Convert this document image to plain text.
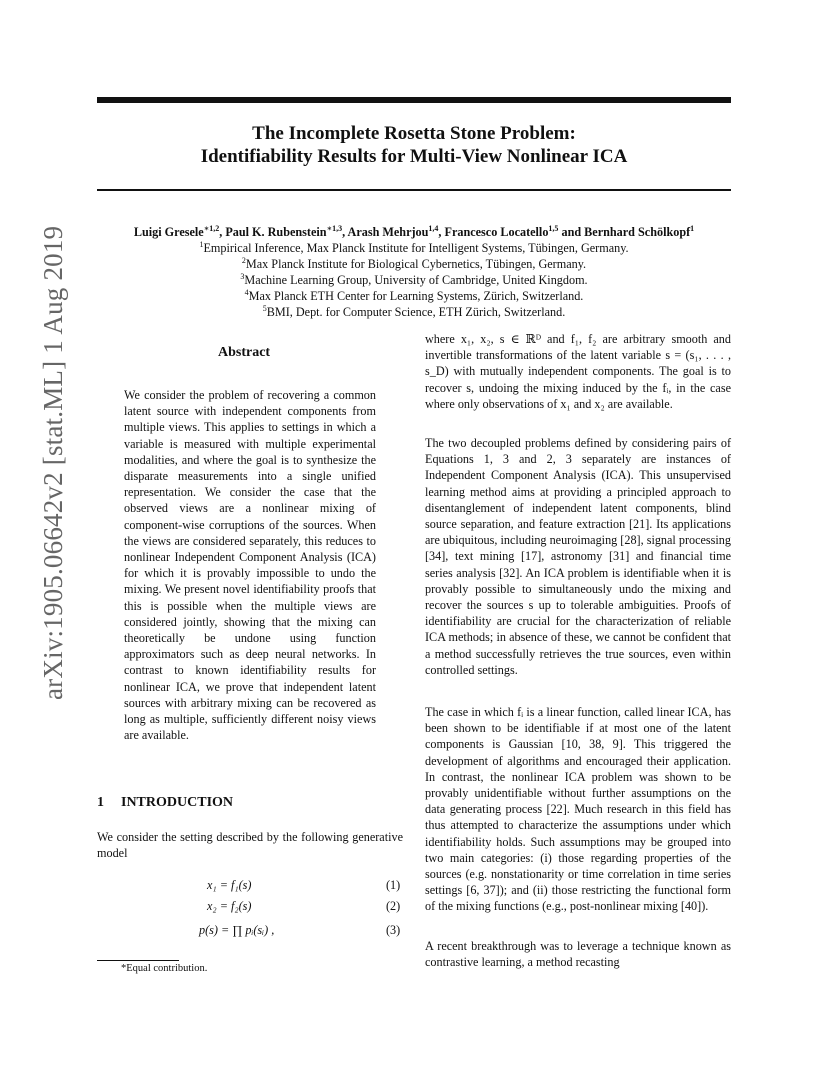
arXiv:1905.06642v2 [stat.ML] 1 Aug 2019
The Incomplete Rosetta Stone Problem:
Identifiability Results for Multi-View Nonlinear ICA
Luigi Gresele$^{∗1,2}$, Paul K. Rubenstein$^{∗1,3}$, Arash Mehrjou$^{1,4}$, Francesco Locatello$^{1,5}$ and Bernhard Schölkopf$^1$
$^1$Empirical Inference, Max Planck Institute for Intelligent Systems, Tübingen, Germany.
$^2$Max Planck Institute for Biological Cybernetics, Tübingen, Germany.
$^3$Machine Learning Group, University of Cambridge, United Kingdom.
$^4$Max Planck ETH Center for Learning Systems, Zürich, Switzerland.
$^5$BMI, Dept. for Computer Science, ETH Zürich, Switzerland.
Abstract
We consider the problem of recovering a common latent source with independent components from multiple views. This applies to settings in which a variable is measured with multiple experimental modalities, and where the goal is to synthesize the disparate measurements into a single unified representation. We consider the case that the observed views are a nonlinear mixing of component-wise corruptions of the sources. When the views are considered separately, this reduces to nonlinear Independent Component Analysis (ICA) for which it is provably impossible to undo the mixing. We present novel identifiability proofs that this is possible when the multiple views are considered jointly, showing that the mixing can theoretically be undone using function approximators such as deep neural networks. In contrast to known identifiability results for nonlinear ICA, we prove that independent latent sources with arbitrary mixing can be recovered as long as multiple, sufficiently different noisy views are available.
1 INTRODUCTION
We consider the setting described by the following generative model
x₁ = f₁(s)	(1)
x₂ = f₂(s)	(2)
p(s) = ∏ pᵢ(sᵢ) ,	(3)
*Equal contribution.
where x₁, x₂, s ∈ ℝᴰ and f₁, f₂ are arbitrary smooth and invertible transformations of the latent variable s = (s₁, . . . , s_D) with mutually independent components. The goal is to recover s, undoing the mixing induced by the fᵢ, in the case where only observations of x₁ and x₂ are available.
The two decoupled problems defined by considering pairs of Equations 1, 3 and 2, 3 separately are instances of Independent Component Analysis (ICA). This unsupervised learning method aims at providing a principled approach to disentanglement of independent latent components, blind source separation, and feature extraction [21]. Its applications are ubiquitous, including neuroimaging [28], signal processing [34], text mining [17], astronomy [31] and financial time series analysis [32]. An ICA problem is identifiable when it is provably possible to simultaneously undo the mixing and recover the sources s up to tolerable ambiguities. Proofs of identifiability are crucial for the characterization of reliable ICA methods; in absence of these, we cannot be confident that a method successfully retrieves the true sources, even within controlled settings.
The case in which fᵢ is a linear function, called linear ICA, has been shown to be identifiable if at most one of the latent components is Gaussian [10, 38, 9]. This triggered the development of algorithms and encouraged their application. In contrast, the nonlinear ICA problem was shown to be provably unidentifiable without further assumptions on the data generating process [22]. Much research in this field has thus attempted to characterize the assumptions under which identifiability holds. Such assumptions may be grouped into two main categories: (i) those regarding properties of the sources (e.g. nonstationarity or time correlation in time series settings [6, 37]); and (ii) those restricting the functional form of the mixing functions (e.g., post-nonlinear mixing [40]).
A recent breakthrough was to leverage a technique known as contrastive learning, a method recasting
